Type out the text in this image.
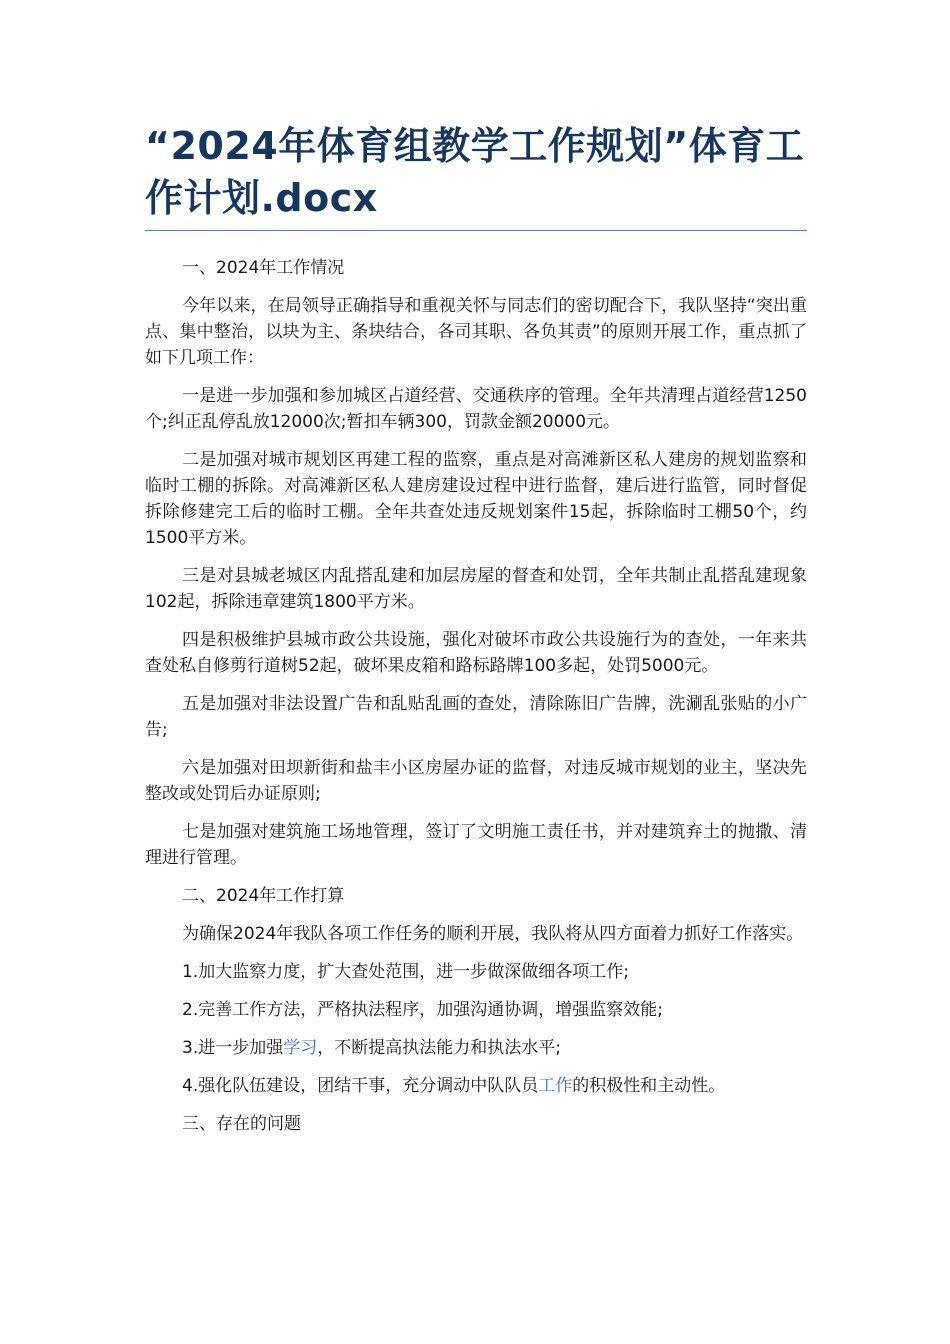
“2024年体育组教学工作规划”体育工作计划.docx

一、2024年工作情况

今年以来，在局领导正确指导和重视关怀与同志们的密切配合下，我队坚持“突出重点、集中整治，以块为主、条块结合，各司其职、各负其责”的原则开展工作，重点抓了如下几项工作：

一是进一步加强和参加城区占道经营、交通秩序的管理。全年共清理占道经营1250个;纠正乱停乱放12000次;暂扣车辆300，罚款金额20000元。

二是加强对城市规划区再建工程的监察，重点是对高滩新区私人建房的规划监察和临时工棚的拆除。对高滩新区私人建房建设过程中进行监督，建后进行监管，同时督促拆除修建完工后的临时工棚。全年共查处违反规划案件15起，拆除临时工棚50个，约1500平方米。

三是对县城老城区内乱搭乱建和加层房屋的督查和处罚，全年共制止乱搭乱建现象102起，拆除违章建筑1800平方米。

四是积极维护县城市政公共设施，强化对破坏市政公共设施行为的查处，一年来共查处私自修剪行道树52起，破坏果皮箱和路标路牌100多起，处罚5000元。

五是加强对非法设置广告和乱贴乱画的查处，清除陈旧广告牌，洗涮乱张贴的小广告;

六是加强对田坝新街和盐丰小区房屋办证的监督，对违反城市规划的业主，坚决先整改或处罚后办证原则;

七是加强对建筑施工场地管理，签订了文明施工责任书，并对建筑弃土的抛撒、清理进行管理。

二、2024年工作打算

为确保2024年我队各项工作任务的顺利开展，我队将从四方面着力抓好工作落实。

1.加大监察力度，扩大查处范围，进一步做深做细各项工作;

2.完善工作方法，严格执法程序，加强沟通协调，增强监察效能;

3.进一步加强学习，不断提高执法能力和执法水平;

4.强化队伍建设，团结干事，充分调动中队队员工作的积极性和主动性。

三、存在的问题
